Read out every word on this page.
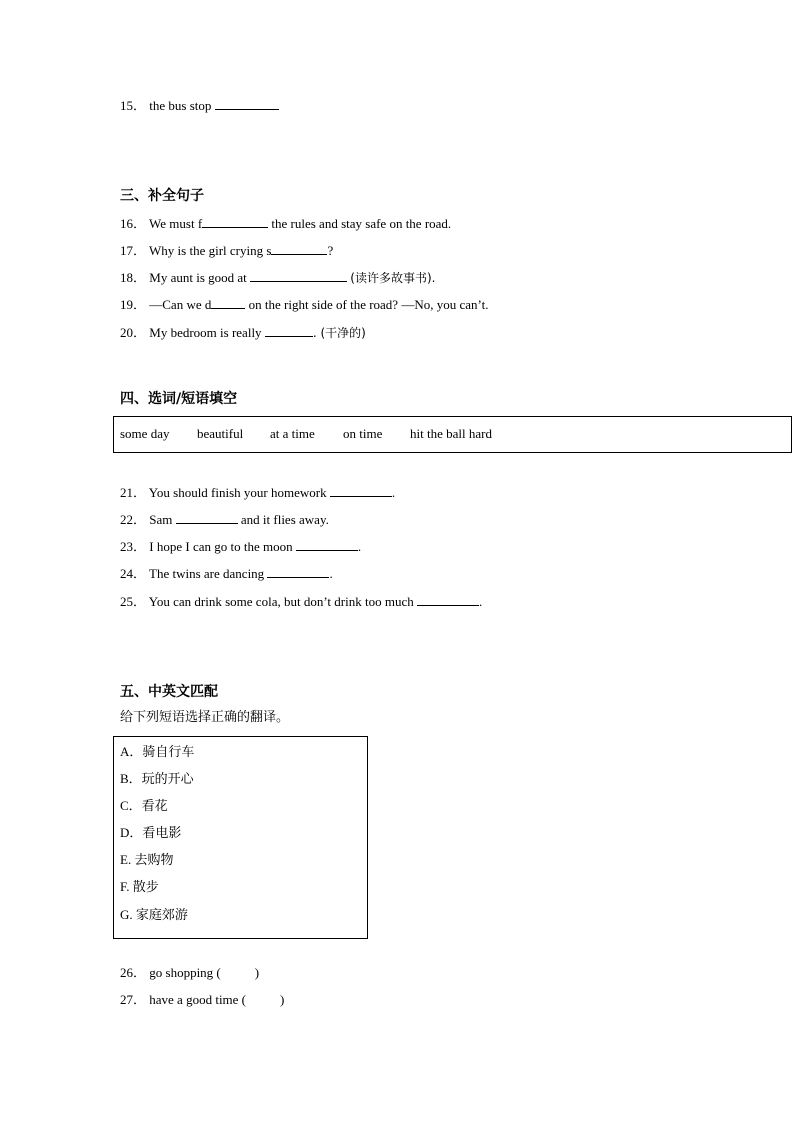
15． the bus stop
三、补全句子
16． We must f	the rules and stay safe on the road.
17． Why is the girl crying s	?
18． My aunt is good at	(读许多故事书).
19． —Can we d	on the right side of the road? —No, you can’t.
20． My bedroom is really	. (干净的)
四、选词/短语填空
some day beautiful at a time on time hit the ball hard
21． You should finish your homework	.
22． Sam	and it flies away.
23． I hope I can go to the moon	.
24． The twins are dancing	.
25． You can drink some cola, but don’t drink too much	.
五、中英文匹配
给下列短语选择正确的翻译。
A．骑自行车
B．玩的开心
C．看花
D．看电影
E. 去购物
F. 散步
G. 家庭郊游
26． go shopping (	)
27． have a good time (	)
